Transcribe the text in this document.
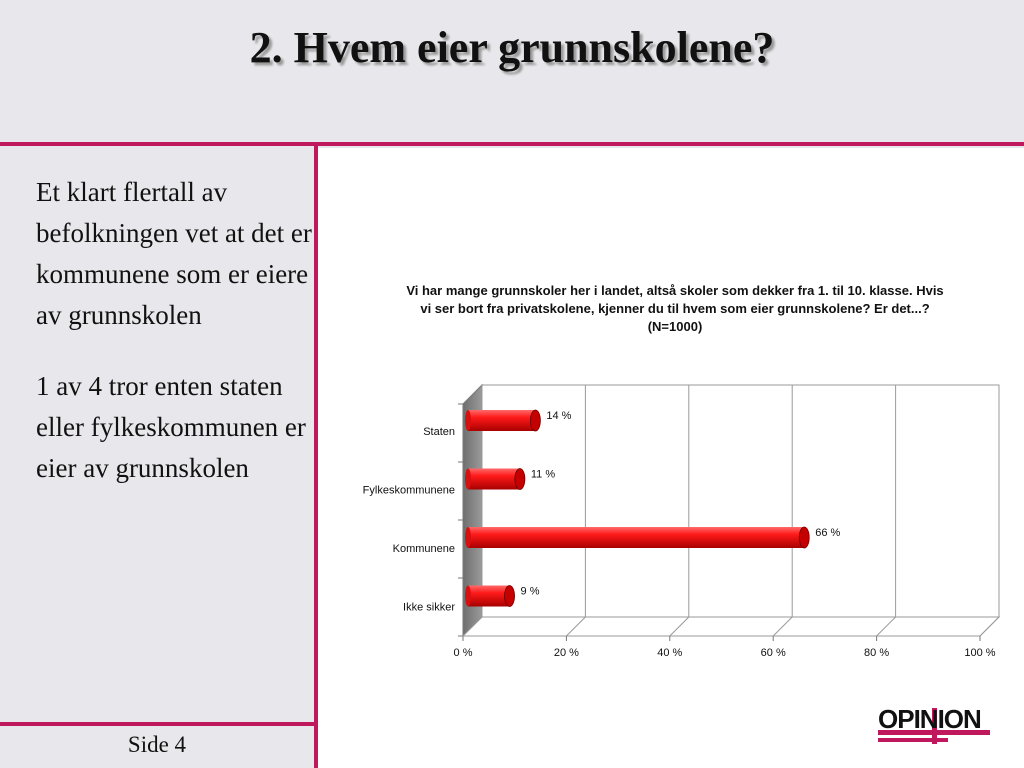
2. Hvem eier grunnskolene?

Et klart flertall av befolkningen vet at det er kommunene som er eiere av grunnskolen

1 av 4 tror enten staten eller fylkeskommunen er eier av grunnskolen

Side 4
Vi har mange grunnskoler her i landet, altså skoler som dekker fra 1. til 10. klasse. Hvis vi ser bort fra privatskolene, kjenner du til hvem som eier grunnskolene? Er det...? (N=1000)
0 %	20 %	40 %	60 %	80 %	100 %
14 %
Staten
11 %
Fylkeskommunene
66 %
Kommunene
9 %
Ikke sikker
OPINION
